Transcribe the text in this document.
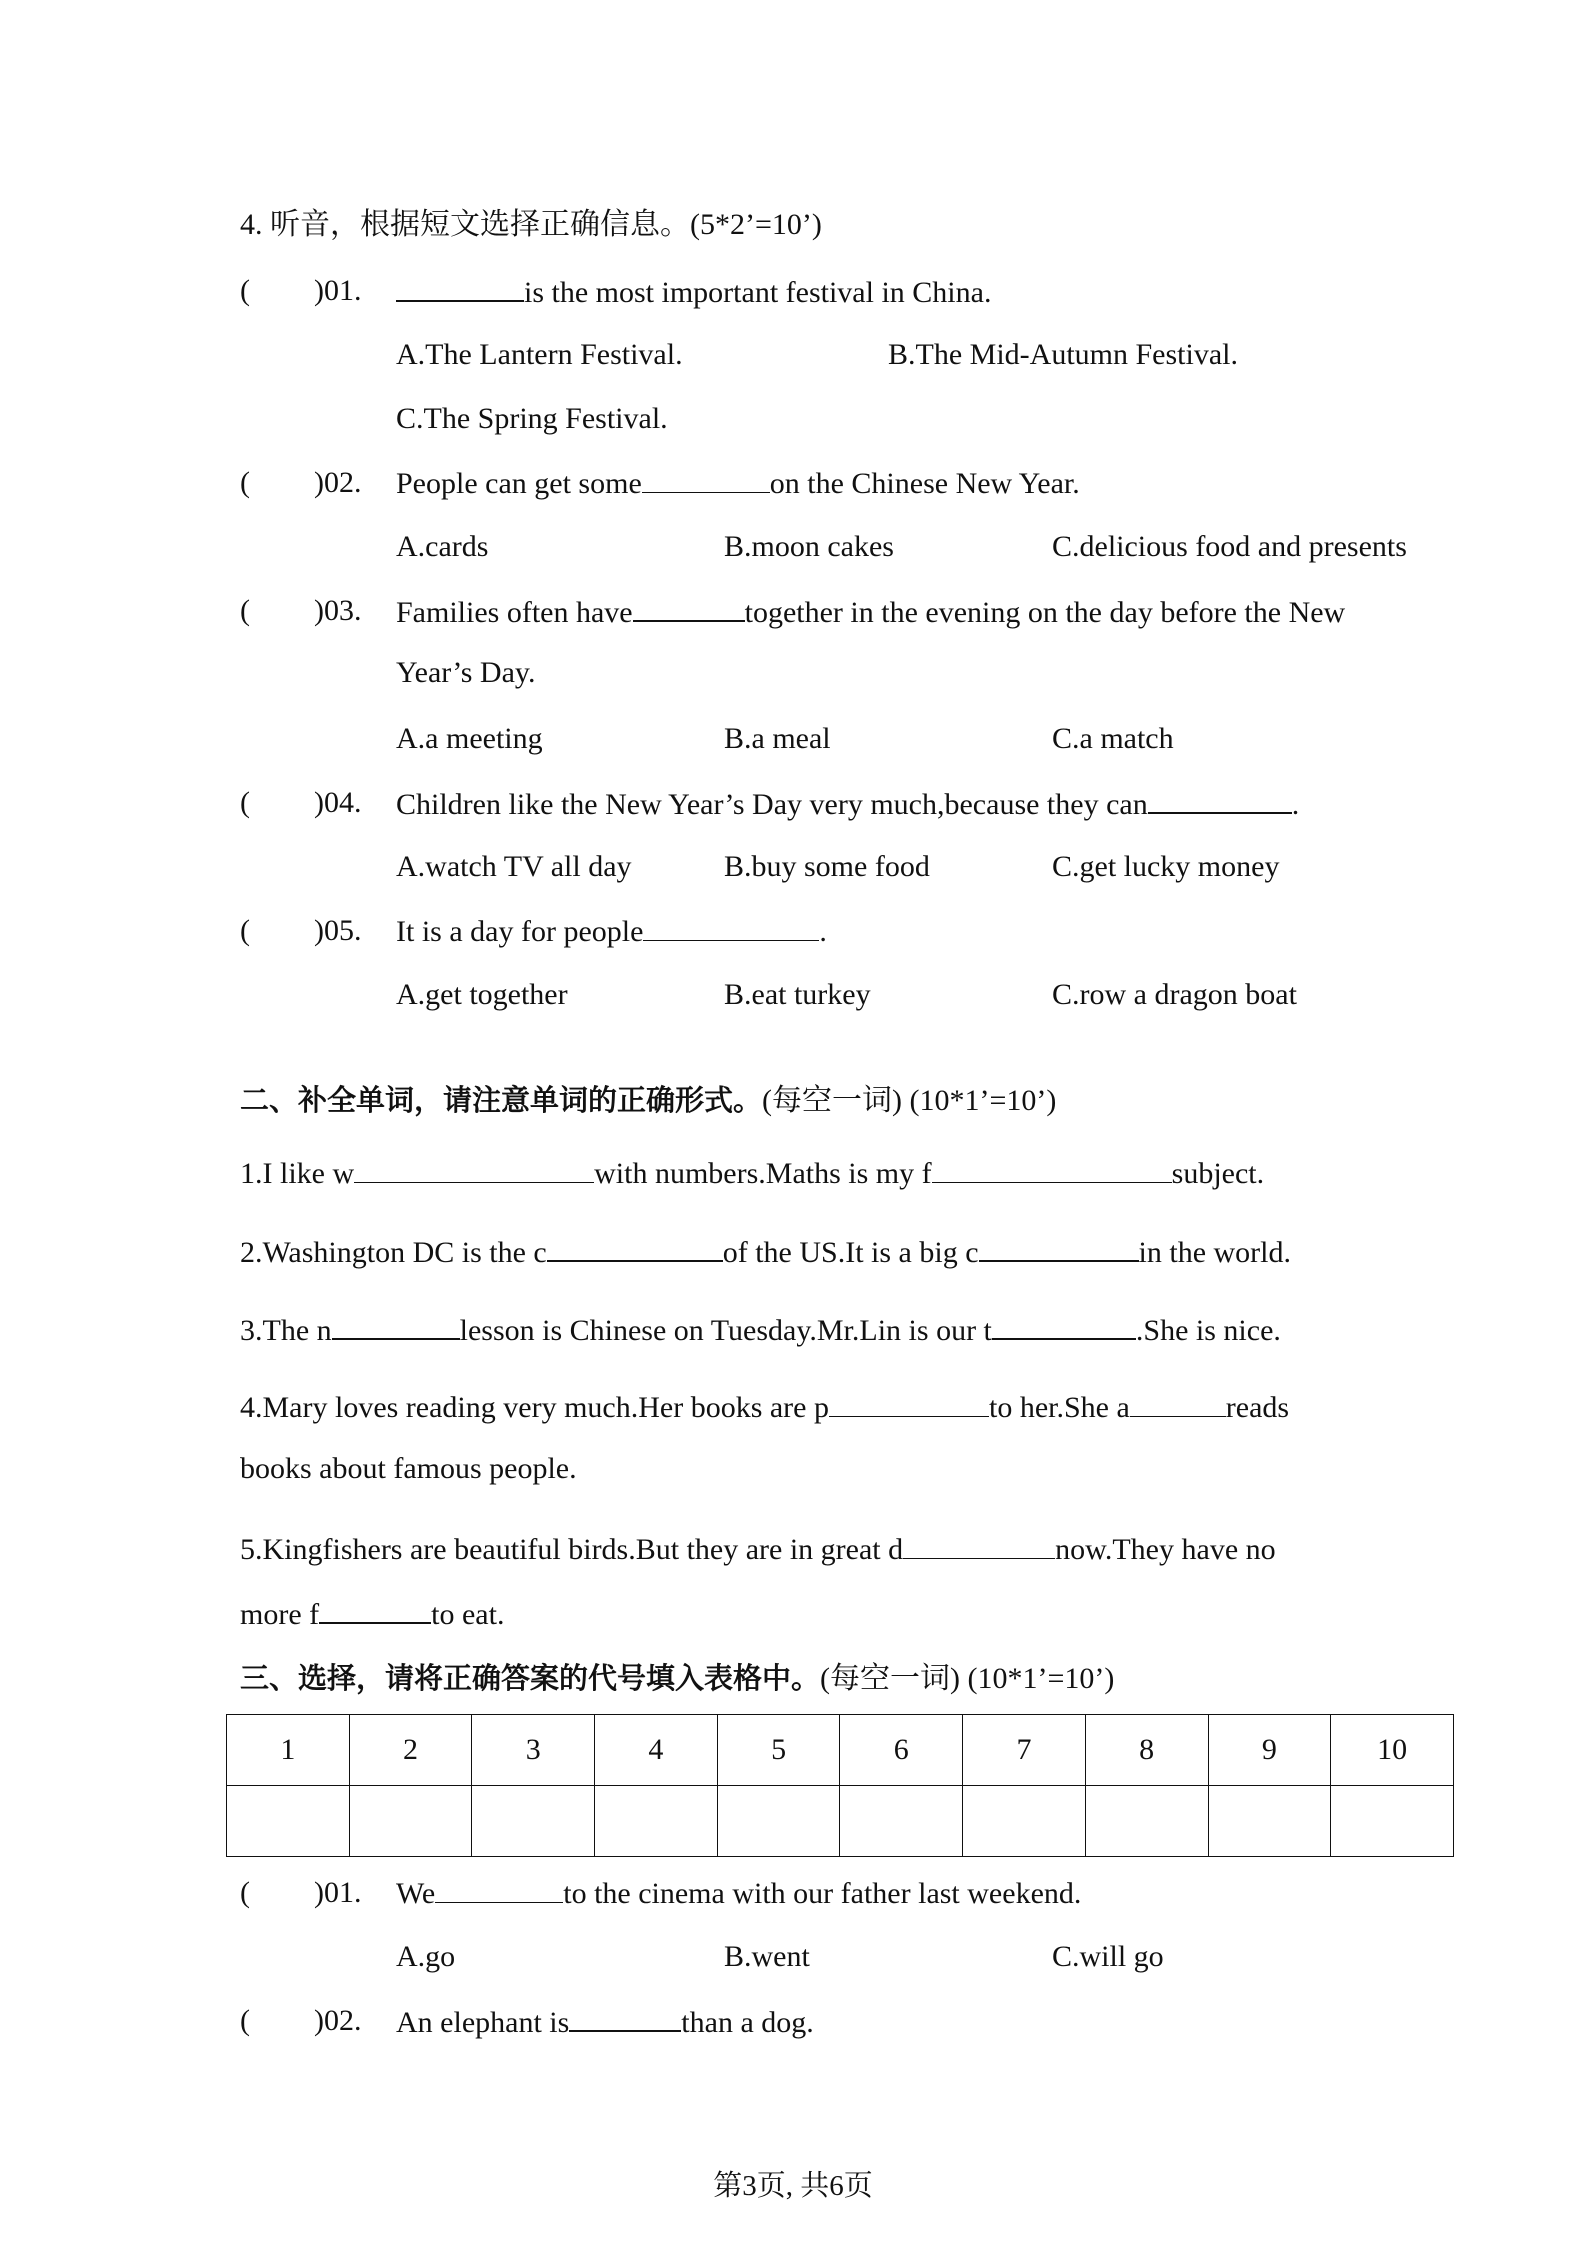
4. 听音，根据短文选择正确信息。(5*2’=10’)
( )01.	is the most important festival in China.
A.The Lantern Festival.	B.The Mid-Autumn Festival.
C.The Spring Festival.
( )02. People can get some	on the Chinese New Year.
A.cards	B.moon cakes	C.delicious food and presents
( )03. Families often have	together in the evening on the day before the New
Year’s Day.
A.a meeting	B.a meal	C.a match
( )04. Children like the New Year’s Day very much,because they can	.
A.watch TV all day	B.buy some food	C.get lucky money
( )05. It is a day for people	.
A.get together	B.eat turkey	C.row a dragon boat
二、补全单词，请注意单词的正确形式。(每空一词) (10*1’=10’)
1.I like w	with numbers.Maths is my f	subject.
2.Washington DC is the c	of the US.It is a big c	in the world.
3.The n	lesson is Chinese on Tuesday.Mr.Lin is our t	.She is nice.
4.Mary loves reading very much.Her books are p	to her.She a	reads
books about famous people.
5.Kingfishers are beautiful birds.But they are in great d	now.They have no
more f	to eat.
三、选择，请将正确答案的代号填入表格中。(每空一词) (10*1’=10’)
1	2	3	4	5	6	7	8	9	10

( )01. We	to the cinema with our father last weekend.
A.go	B.went	C.will go
( )02. An elephant is	than a dog.
第3页, 共6页
